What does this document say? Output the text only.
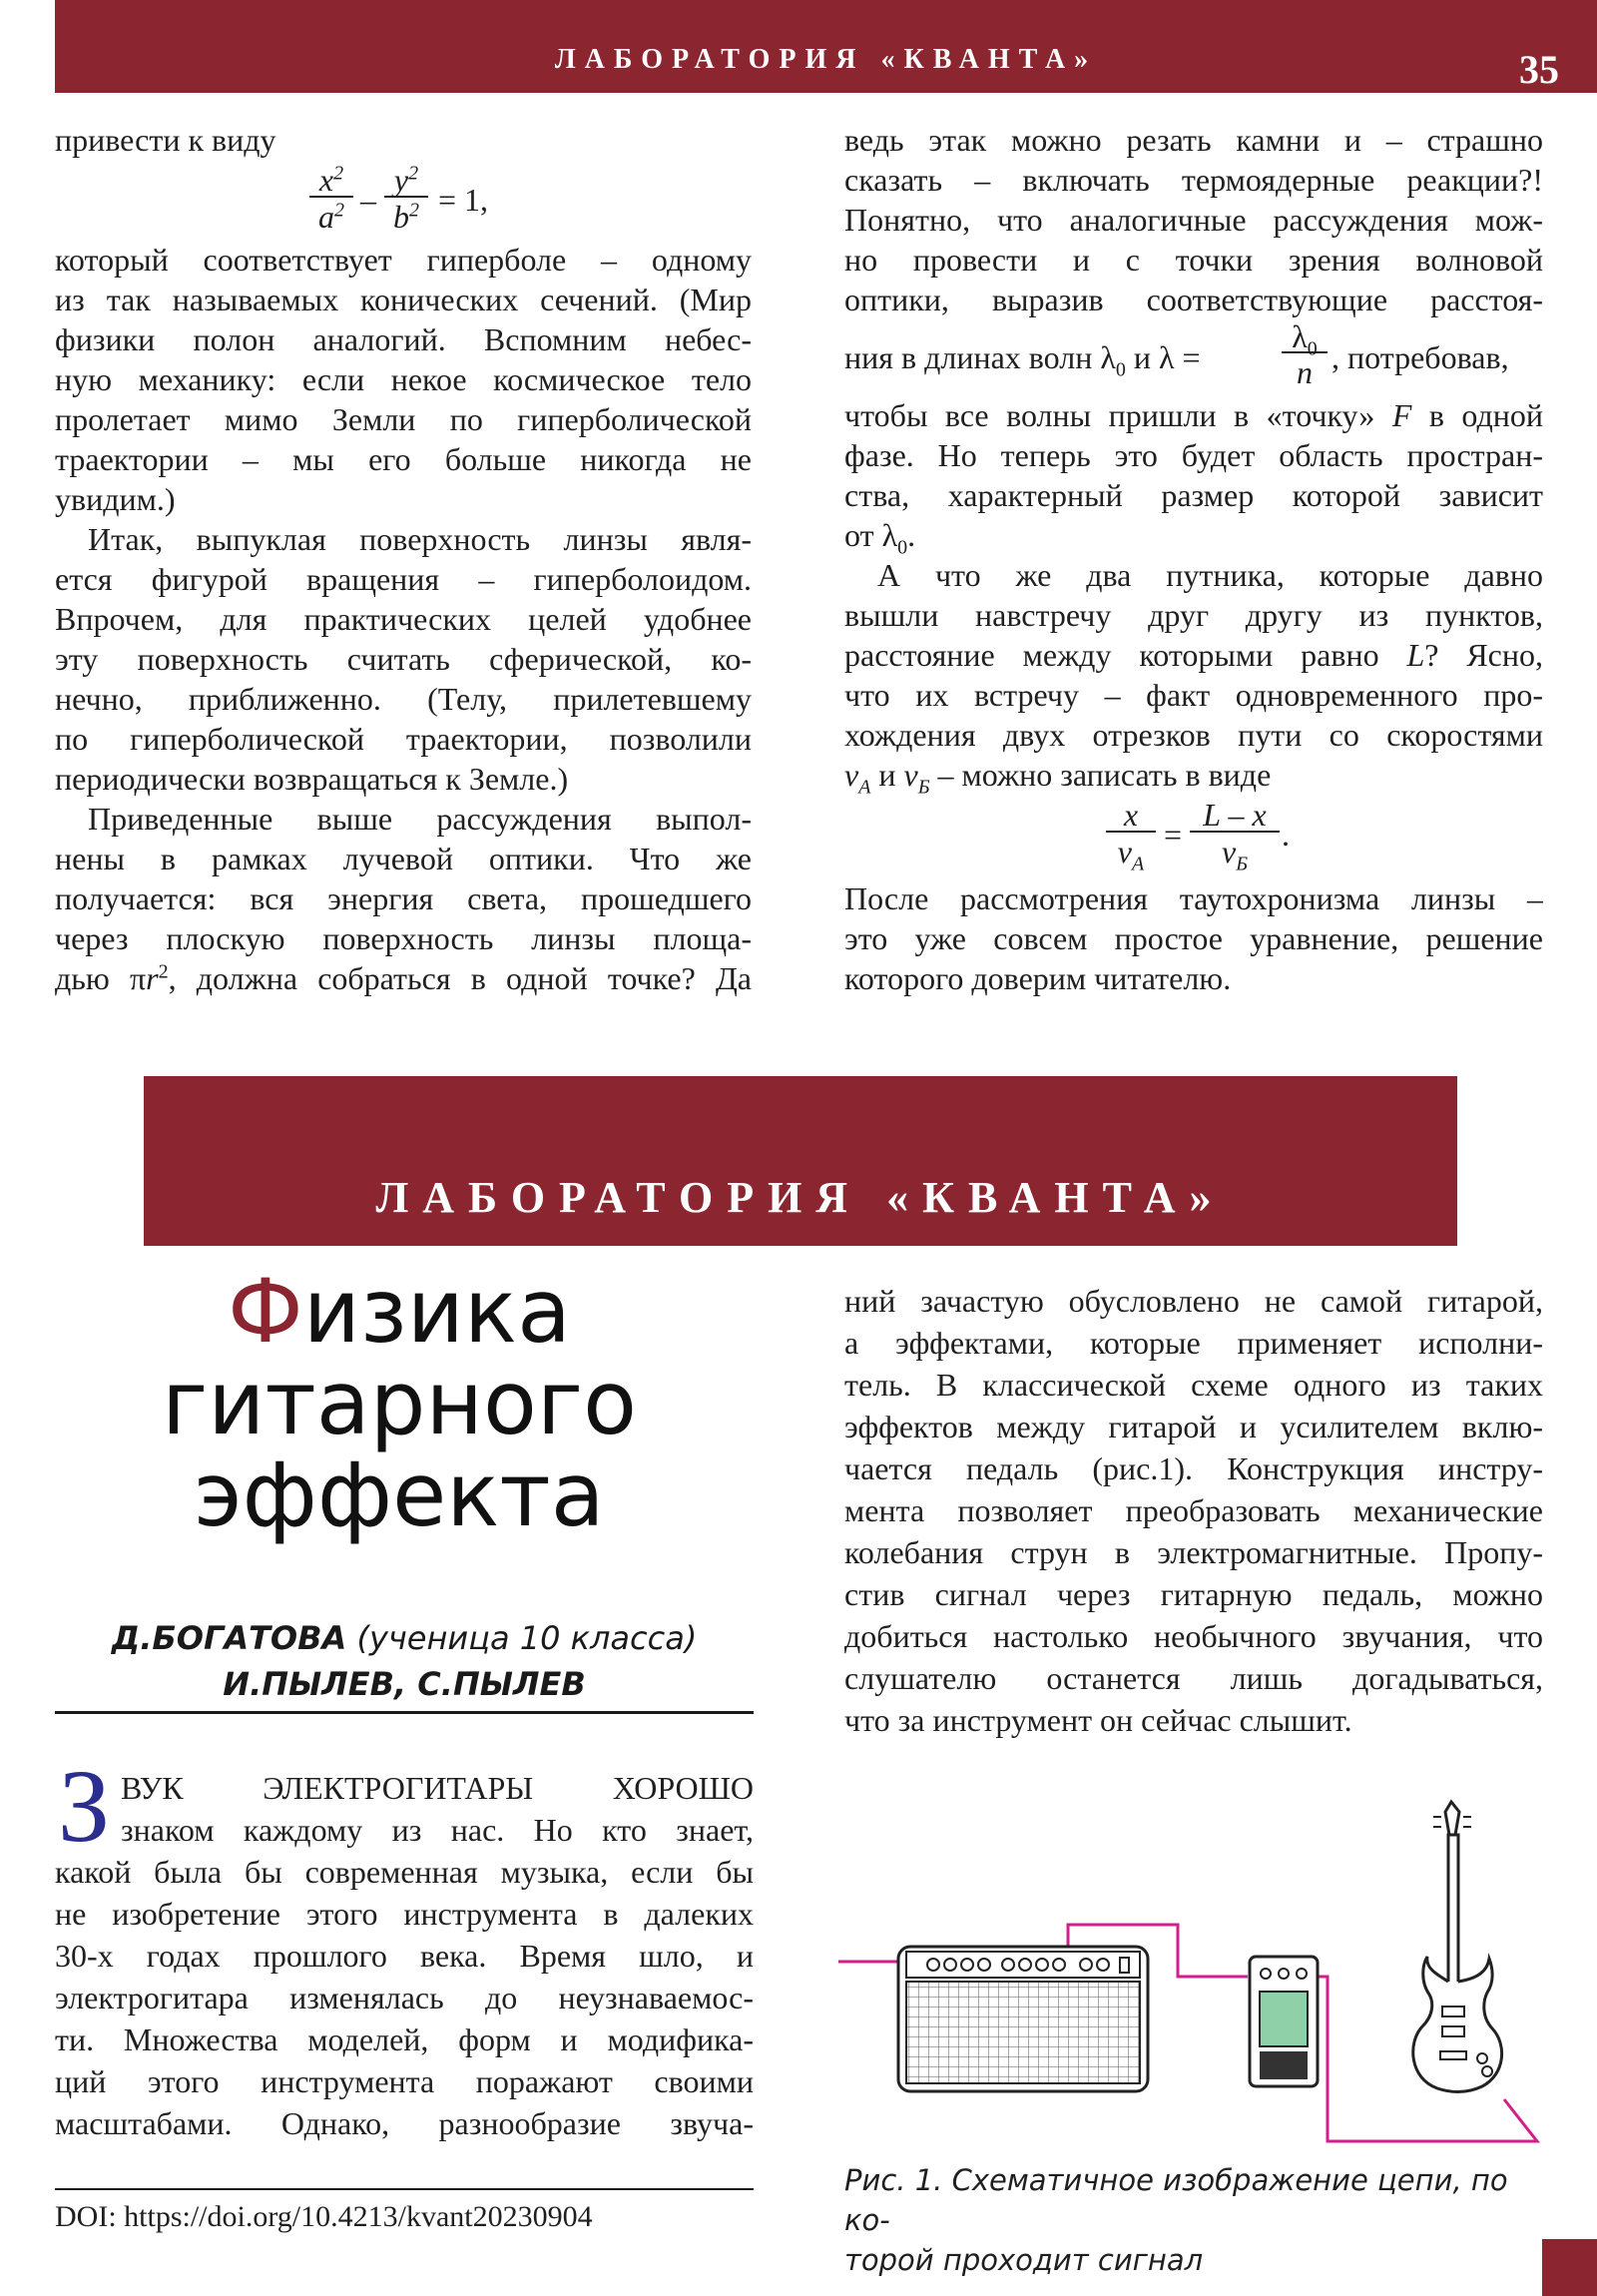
ЛАБОРАТОРИЯ «КВАНТА»	35

привести к виду

$\frac{x^2}{a^2} - \frac{y^2}{b^2} = 1$,

который соответствует гиперболе – одному

из так называемых конических сечений. (Мир

физики полон аналогий. Вспомним небес-

ную механику: если некое космическое тело

пролетает мимо Земли по гиперболической

траектории – мы его больше никогда не

увидим.)

Итак, выпуклая поверхность линзы явля-

ется фигурой вращения – гиперболоидом.

Впрочем, для практических целей удобнее

эту поверхность считать сферической, ко-

нечно, приближенно. (Телу, прилетевшему

по гиперболической траектории, позволили

периодически возвращаться к Земле.)

Приведенные выше рассуждения выпол-

нены в рамках лучевой оптики. Что же

получается: вся энергия света, прошедшего

через плоскую поверхность линзы площа-

дью $\pi r^2$, должна собраться в одной точке? Да

ведь этак можно резать камни и – страшно

сказать – включать термоядерные реакции?!

Понятно, что аналогичные рассуждения мож-

но провести и с точки зрения волновой

оптики, выразив соответствующие расстоя-

ния в длинах волн $\lambda_0$ и λ =	$\frac{\lambda_0}{n}$ , потребовав,

чтобы все волны пришли в «точку» F в одной

фазе. Но теперь это будет область простран-

ства, характерный размер которой зависит

от $\lambda_0$.

А что же два путника, которые давно

вышли навстречу друг другу из пунктов,

расстояние между которыми равно L? Ясно,

что их встречу – факт одновременного про-

хождения двух отрезков пути со скоростями

$v_A$ и $v_Б$ – можно записать в виде

$\frac{x}{v_A}$ =
L – x
$v_Б$
.

После рассмотрения таутохронизма линзы –

это уже совсем простое уравнение, решение

которого доверим читателю.

ЛАБОРАТОРИЯ «КВАНТА»
Физика
гитарного
эффекта
Д.БОГАТОВА (ученица 10 класса)
И.ПЫЛЕВ, С.ПЫЛЕВ
З ВУК ЭЛЕКТРОГИТАРЫ ХОРОШО

знаком каждому из нас. Но кто знает,

какой была бы современная музыка, если бы

не изобретение этого инструмента в далеких

30-х годах прошлого века. Время шло, и

электрогитара изменялась до неузнаваемос-

ти. Множества моделей, форм и модифика-

ций этого инструмента поражают своими

масштабами. Однако, разнообразие звуча-

DOI: https://doi.org/10.4213/kvant20230904

ний зачастую обусловлено не самой гитарой,

а эффектами, которые применяет исполни-

тель. В классической схеме одного из таких

эффектов между гитарой и усилителем вклю-

чается педаль (рис.1). Конструкция инстру-

мента позволяет преобразовать механические

колебания струн в электромагнитные. Пропу-

стив сигнал через гитарную педаль, можно

добиться настолько необычного звучания, что

слушателю останется лишь догадываться,

что за инструмент он сейчас слышит.

Рис. 1. Схематичное изображение цепи, по ко-
торой проходит сигнал
